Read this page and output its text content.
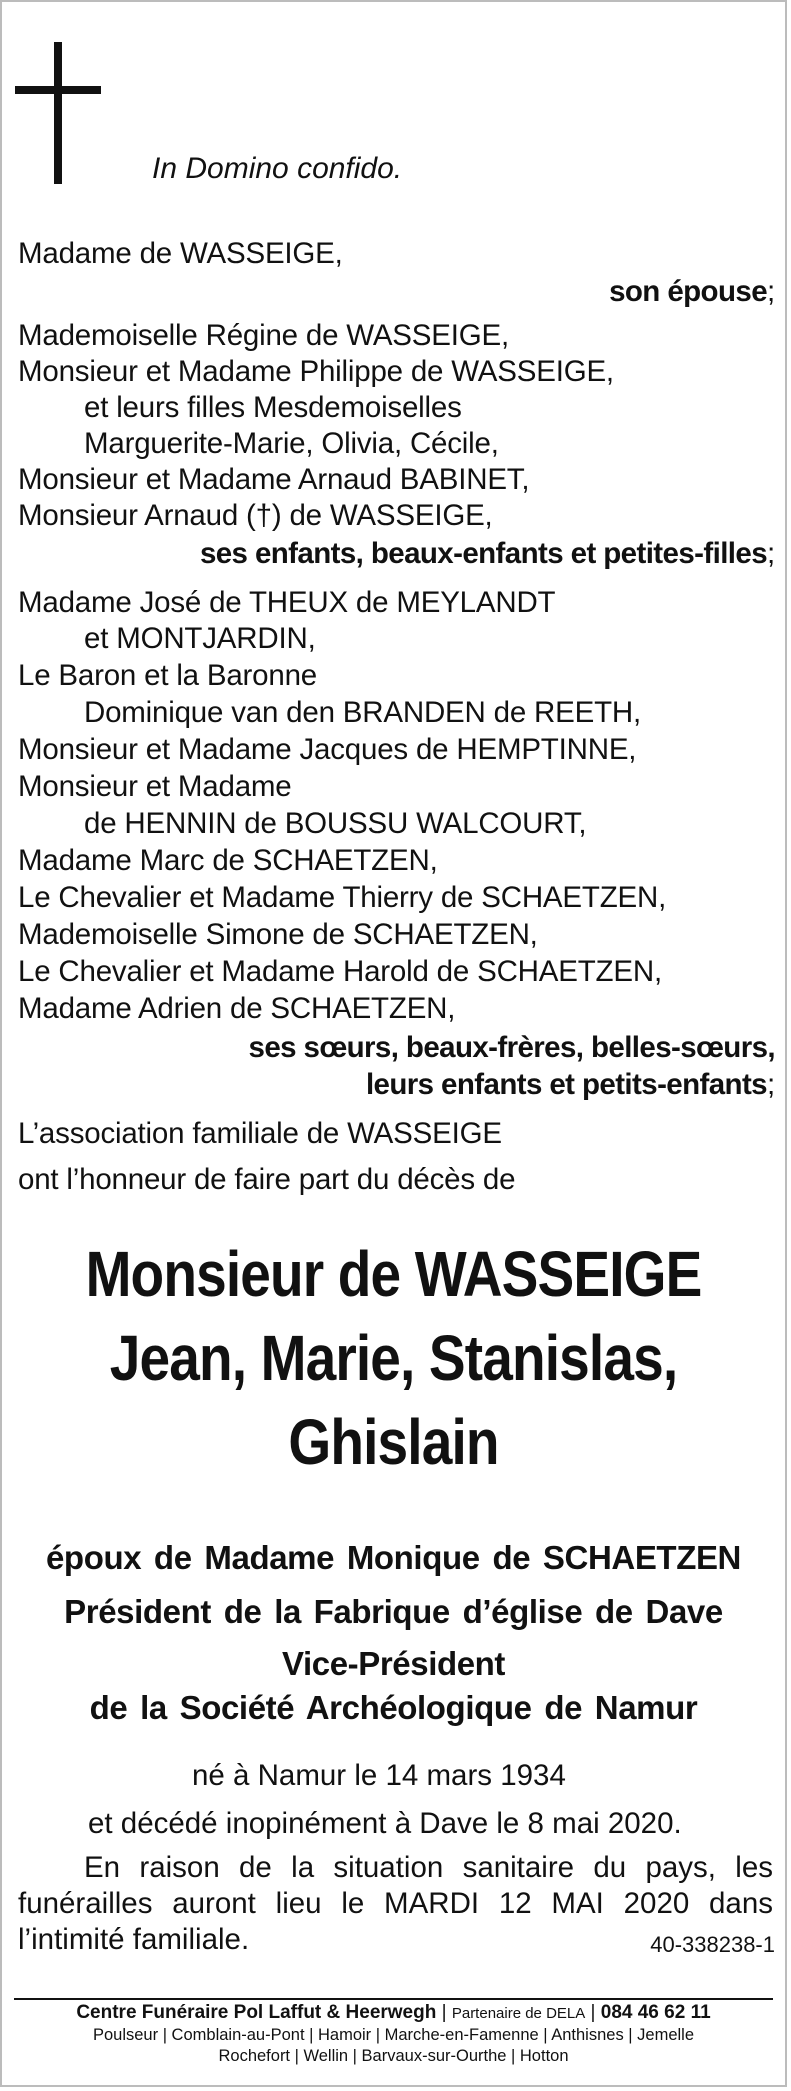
In Domino confido.
Madame de WASSEIGE,
son épouse;
Mademoiselle Régine de WASSEIGE,
Monsieur et Madame Philippe de WASSEIGE,
et leurs filles Mesdemoiselles
Marguerite-Marie, Olivia, Cécile,
Monsieur et Madame Arnaud BABINET,
Monsieur Arnaud (†) de WASSEIGE,
ses enfants, beaux-enfants et petites-filles;
Madame José de THEUX de MEYLANDT
et MONTJARDIN,
Le Baron et la Baronne
Dominique van den BRANDEN de REETH,
Monsieur et Madame Jacques de HEMPTINNE,
Monsieur et Madame
de HENNIN de BOUSSU WALCOURT,
Madame Marc de SCHAETZEN,
Le Chevalier et Madame Thierry de SCHAETZEN,
Mademoiselle Simone de SCHAETZEN,
Le Chevalier et Madame Harold de SCHAETZEN,
Madame Adrien de SCHAETZEN,
ses sœurs, beaux-frères, belles-sœurs,
leurs enfants et petits-enfants;
L’association familiale de WASSEIGE
ont l’honneur de faire part du décès de
Monsieur de WASSEIGE
Jean, Marie, Stanislas,
Ghislain
époux de Madame Monique de SCHAETZEN
Président de la Fabrique d’église de Dave
Vice-Président
de la Société Archéologique de Namur
né à Namur le 14 mars 1934
et décédé inopinément à Dave le 8 mai 2020.
En raison de la situation sanitaire du pays, les
funérailles auront lieu le MARDI 12 MAI 2020 dans
l’intimité familiale.	40-338238-1
Centre Funéraire Pol Laffut & Heerwegh | Partenaire de DELA | 084 46 62 11
Poulseur | Comblain-au-Pont | Hamoir | Marche-en-Famenne | Anthisnes | Jemelle
Rochefort | Wellin | Barvaux-sur-Ourthe | Hotton
